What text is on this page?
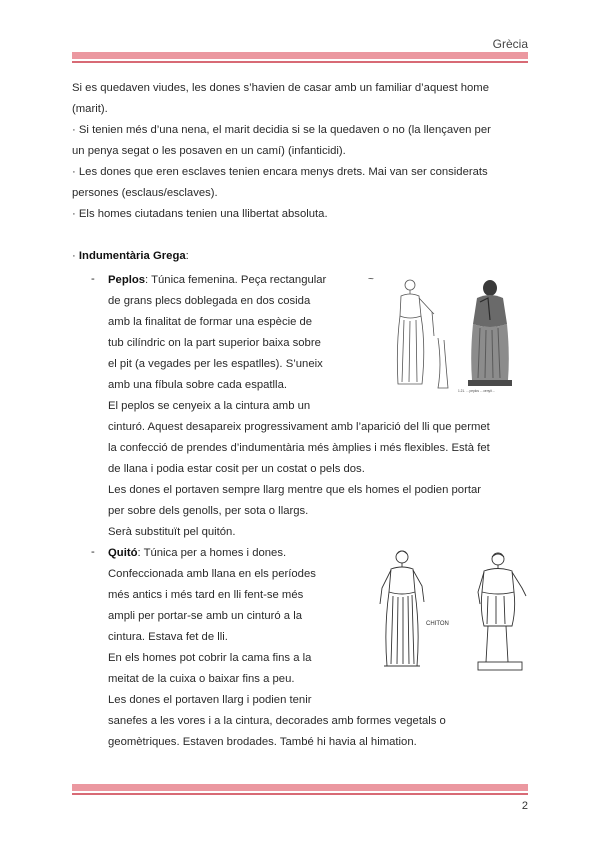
Grècia
Si es quedaven viudes, les dones s’havien de casar amb un familiar d’aquest home
(marit).
· Si tenien més d’una nena, el marit decidia si se la quedaven o no (la llençaven per
un penya segat o les posaven en un camí) (infanticidi).
· Les dones que eren esclaves tenien encara menys drets. Mai van ser considerats
persones (esclaus/esclaves).
· Els homes ciutadans tenien una llibertat absoluta.
· Indumentària Grega:
- Peplos: Túnica femenina. Peça rectangular
de grans plecs doblegada en dos cosida
amb la finalitat de formar una espècie de
tub cilíndric on la part superior baixa sobre
el pit (a vegades per les espatlles). S’uneix
amb una fíbula sobre cada espatlla.
El peplos se cenyeix a la cintura amb un
cinturó. Aquest desapareix progressivament amb l’aparició del lli que permet
la confecció de prendes d’indumentària més àmplies i més flexibles. Està fet
de llana i podia estar cosit per un costat o pels dos.
Les dones el portaven sempre llarg mentre que els homes el podien portar
per sobre dels genolls, per sota o llargs.
Serà substituït pel quitón.
~
1.21. ... peplos ... cenyit ...
- Quitó: Túnica per a homes i dones.
Confeccionada amb llana en els períodes
més antics i més tard en lli fent-se més
ampli per portar-se amb un cinturó a la
cintura. Estava fet de lli.
En els homes pot cobrir la cama fins a la
meitat de la cuixa o baixar fins a peu.
Les dones el portaven llarg i podien tenir
sanefes a les vores i a la cintura, decorades amb formes vegetals o
geomètriques. Estaven brodades. També hi havia al himation.
CHITON
2
